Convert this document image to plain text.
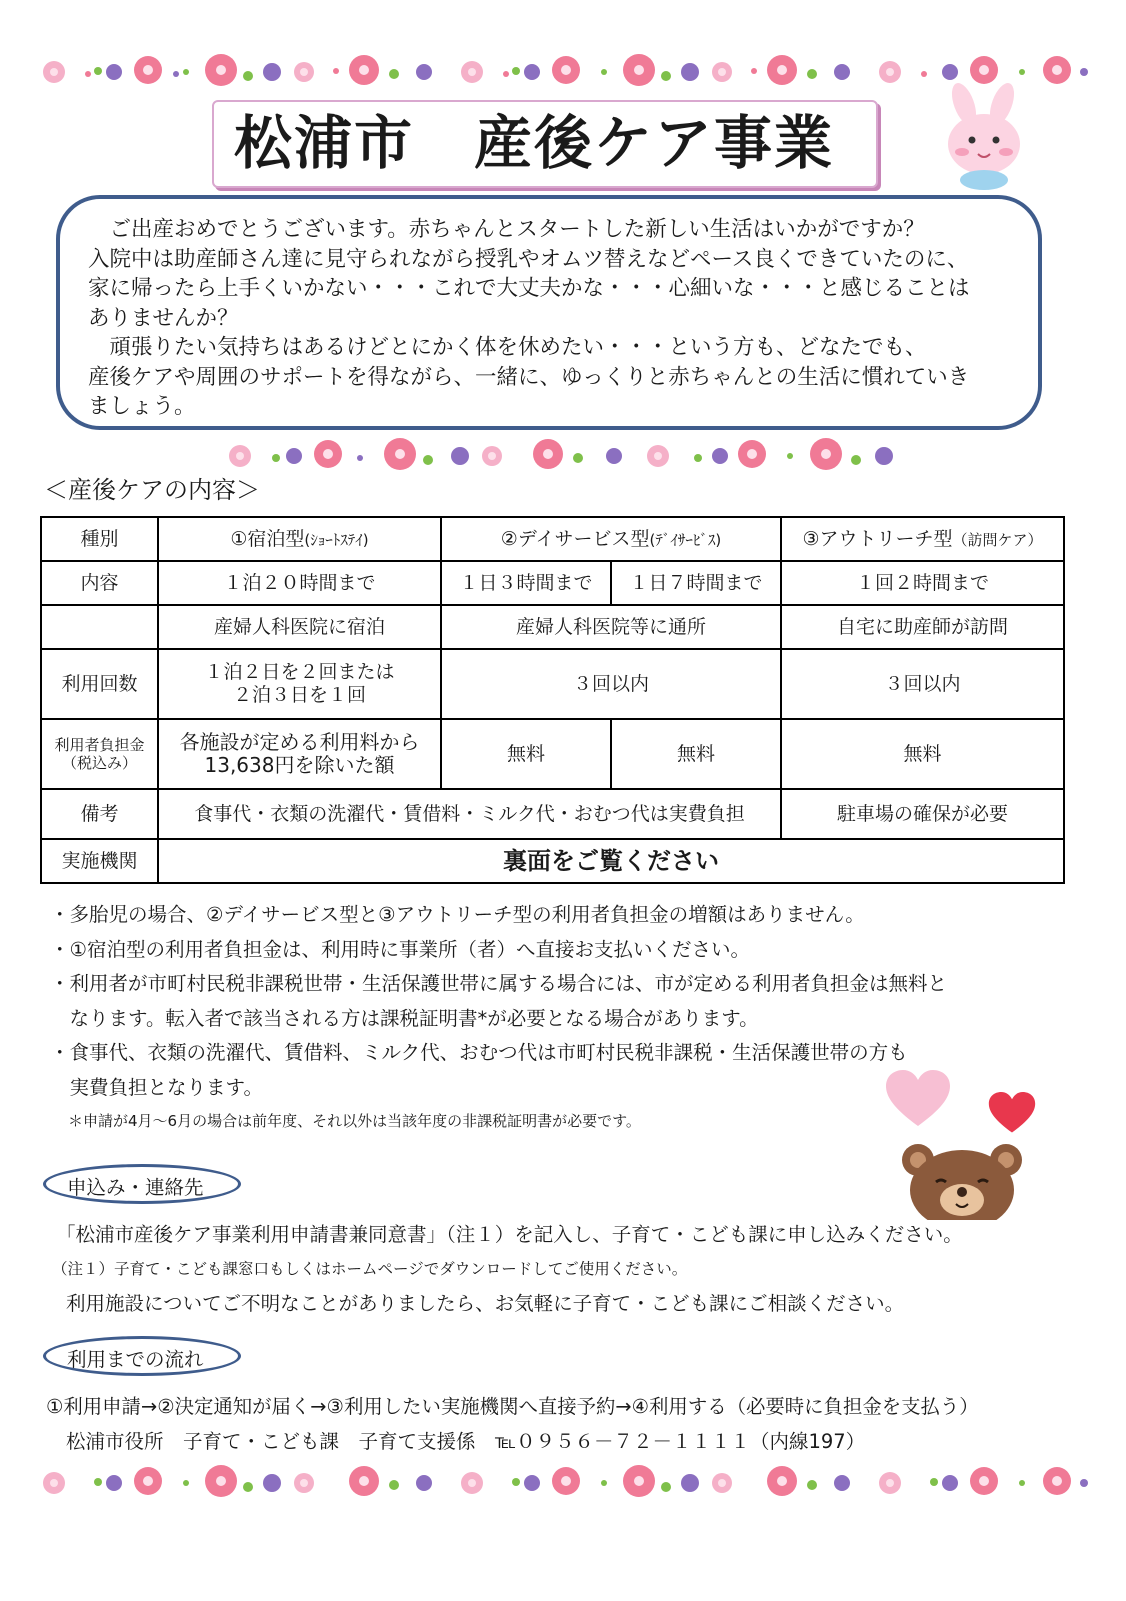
松浦市　産後ケア事業
　ご出産おめでとうございます。赤ちゃんとスタートした新しい生活はいかがですか？
入院中は助産師さん達に見守られながら授乳やオムツ替えなどペース良くできていたのに、
家に帰ったら上手くいかない・・・これで大丈夫かな・・・心細いな・・・と感じることは
ありませんか？
　頑張りたい気持ちはあるけどとにかく体を休めたい・・・という方も、どなたでも、
産後ケアや周囲のサポートを得ながら、一緒に、ゆっくりと赤ちゃんとの生活に慣れていき
ましょう。
＜産後ケアの内容＞
種別	①宿泊型(ｼｮｰﾄｽﾃｲ)	②デイサービス型(ﾃﾞｲｻｰﾋﾞｽ)		③アウトリーチ型（訪問ケア）
内容	１泊２０時間まで	１日３時間まで	１日７時間まで	１回２時間まで
	産婦人科医院に宿泊	産婦人科医院等に通所		自宅に助産師が訪問
利用回数	１泊２日を２回または
２泊３日を１回	３回以内		３回以内
利用者負担金
（税込み）	各施設が定める利用料から
13,638円を除いた額	無料	無料	無料
備考	食事代・衣類の洗濯代・賃借料・ミルク代・おむつ代は実費負担			駐車場の確保が必要
実施機関	裏面をご覧ください			
・多胎児の場合、②デイサービス型と③アウトリーチ型の利用者負担金の増額はありません。
・①宿泊型の利用者負担金は、利用時に事業所（者）へ直接お支払いください。
・利用者が市町村民税非課税世帯・生活保護世帯に属する場合には、市が定める利用者負担金は無料と
　なります。転入者で該当される方は課税証明書*が必要となる場合があります。
・食事代、衣類の洗濯代、賃借料、ミルク代、おむつ代は市町村民税非課税・生活保護世帯の方も
　実費負担となります。
＊申請が4月～6月の場合は前年度、それ以外は当該年度の非課税証明書が必要です。
申込み・連絡先
「松浦市産後ケア事業利用申請書兼同意書」（注１）を記入し、子育て・こども課に申し込みください。
（注１）子育て・こども課窓口もしくはホームページでダウンロードしてご使用ください。
利用施設についてご不明なことがありましたら、お気軽に子育て・こども課にご相談ください。
利用までの流れ
①利用申請→②決定通知が届く→③利用したい実施機関へ直接予約→④利用する（必要時に負担金を支払う）
松浦市役所　子育て・こども課　子育て支援係　℡０９５６－７２－１１１１（内線197）
